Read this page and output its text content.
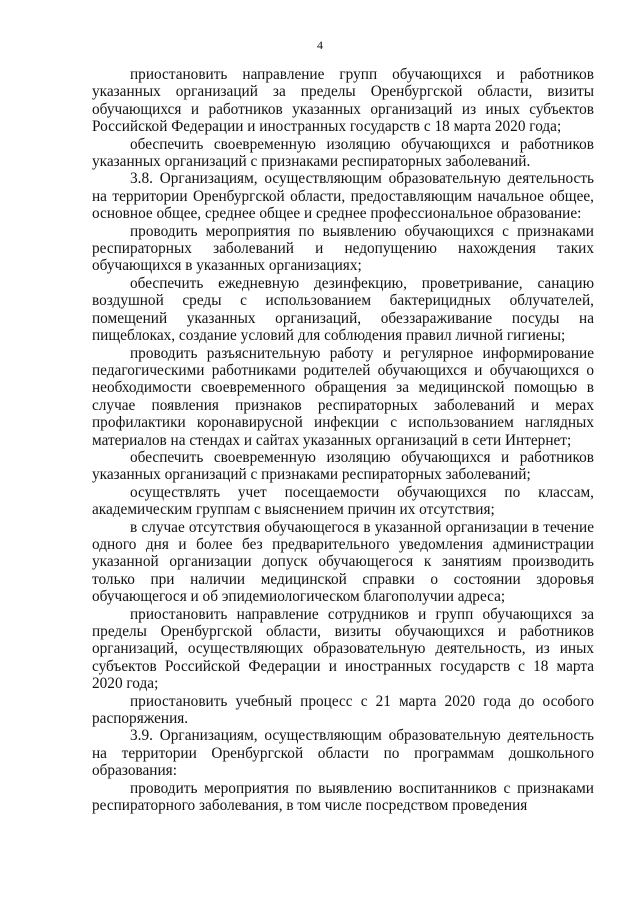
4

приостановить направление групп обучающихся и работников указанных организаций за пределы Оренбургской области, визиты обучающихся и работников указанных организаций из иных субъектов Российской Федерации и иностранных государств с 18 марта 2020 года;

обеспечить своевременную изоляцию обучающихся и работников указанных организаций с признаками респираторных заболеваний.

3.8. Организациям, осуществляющим образовательную деятельность на территории Оренбургской области, предоставляющим начальное общее, основное общее, среднее общее и среднее профессиональное образование:

проводить мероприятия по выявлению обучающихся с признаками респираторных заболеваний и недопущению нахождения таких обучающихся в указанных организациях;

обеспечить ежедневную дезинфекцию, проветривание, санацию воздушной среды с использованием бактерицидных облучателей, помещений указанных организаций, обеззараживание посуды на пищеблоках, создание условий для соблюдения правил личной гигиены;

проводить разъяснительную работу и регулярное информирование педагогическими работниками родителей обучающихся и обучающихся о необходимости своевременного обращения за медицинской помощью в случае появления признаков респираторных заболеваний и мерах профилактики коронавирусной инфекции с использованием наглядных материалов на стендах и сайтах указанных организаций в сети Интернет;

обеспечить своевременную изоляцию обучающихся и работников указанных организаций с признаками респираторных заболеваний;

осуществлять учет посещаемости обучающихся по классам, академическим группам с выяснением причин их отсутствия;

в случае отсутствия обучающегося в указанной организации в течение одного дня и более без предварительного уведомления администрации указанной организации допуск обучающегося к занятиям производить только при наличии медицинской справки о состоянии здоровья обучающегося и об эпидемиологическом благополучии адреса;

приостановить направление сотрудников и групп обучающихся за пределы Оренбургской области, визиты обучающихся и работников организаций, осуществляющих образовательную деятельность, из иных субъектов Российской Федерации и иностранных государств с 18 марта 2020 года;

приостановить учебный процесс с 21 марта 2020 года до особого распоряжения.

3.9. Организациям, осуществляющим образовательную деятельность на территории Оренбургской области по программам дошкольного образования:

проводить мероприятия по выявлению воспитанников с признаками респираторного заболевания, в том числе посредством проведения
